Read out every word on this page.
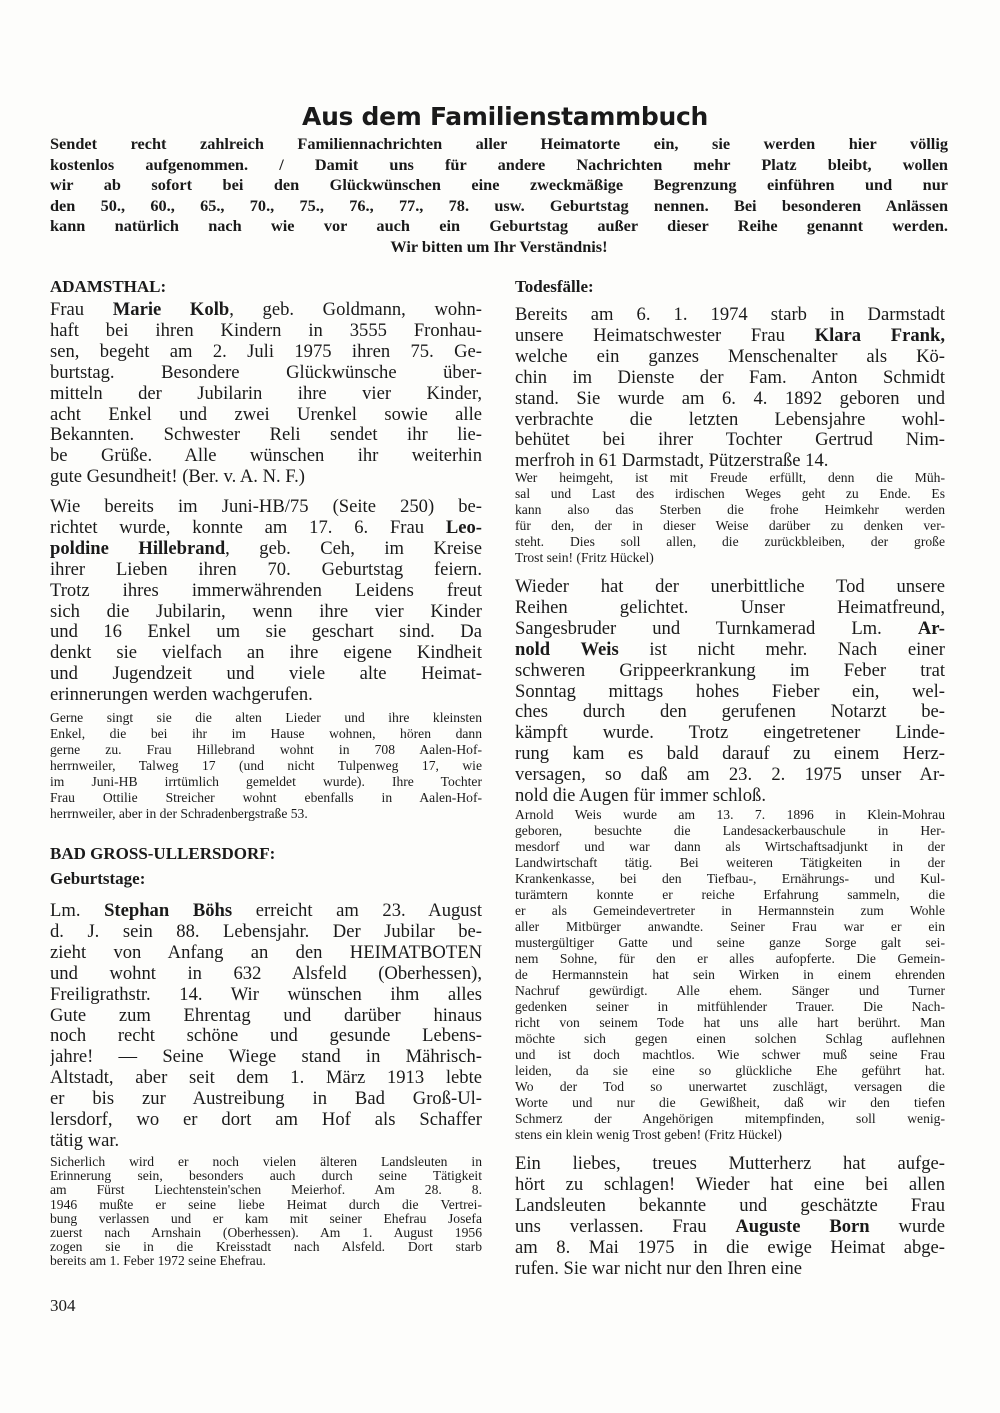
Aus dem Familienstammbuch
Sendet recht zahlreich Familiennachrichten aller Heimatorte ein, sie werden hier völlig
kostenlos aufgenommen. / Damit uns für andere Nachrichten mehr Platz bleibt, wollen
wir ab sofort bei den Glückwünschen eine zweckmäßige Begrenzung einführen und nur
den 50., 60., 65., 70., 75., 76., 77., 78. usw. Geburtstag nennen. Bei besonderen Anlässen
kann natürlich nach wie vor auch ein Geburtstag außer dieser Reihe genannt werden.
Wir bitten um Ihr Verständnis!
ADAMSTHAL:
Frau Marie Kolb, geb. Goldmann, wohn-
haft bei ihren Kindern in 3555 Fronhau-
sen, begeht am 2. Juli 1975 ihren 75. Ge-
burtstag. Besondere Glückwünsche über-
mitteln der Jubilarin ihre vier Kinder,
acht Enkel und zwei Urenkel sowie alle
Bekannten. Schwester Reli sendet ihr lie-
be Grüße. Alle wünschen ihr weiterhin
gute Gesundheit! (Ber. v. A. N. F.)
Wie bereits im Juni-HB/75 (Seite 250) be-
richtet wurde, konnte am 17. 6. Frau Leo-
poldine Hillebrand, geb. Ceh, im Kreise
ihrer Lieben ihren 70. Geburtstag feiern.
Trotz ihres immerwährenden Leidens freut
sich die Jubilarin, wenn ihre vier Kinder
und 16 Enkel um sie geschart sind. Da
denkt sie vielfach an ihre eigene Kindheit
und Jugendzeit und viele alte Heimat-
erinnerungen werden wachgerufen.
Gerne singt sie die alten Lieder und ihre kleinsten
Enkel, die bei ihr im Hause wohnen, hören dann
gerne zu. Frau Hillebrand wohnt in 708 Aalen-Hof-
herrnweiler, Talweg 17 (und nicht Tulpenweg 17, wie
im Juni-HB irrtümlich gemeldet wurde). Ihre Tochter
Frau Ottilie Streicher wohnt ebenfalls in Aalen-Hof-
herrnweiler, aber in der Schradenbergstraße 53.
BAD GROSS-ULLERSDORF:
Geburtstage:
Lm. Stephan Böhs erreicht am 23. August
d. J. sein 88. Lebensjahr. Der Jubilar be-
zieht von Anfang an den HEIMATBOTEN
und wohnt in 632 Alsfeld (Oberhessen),
Freiligrathstr. 14. Wir wünschen ihm alles
Gute zum Ehrentag und darüber hinaus
noch recht schöne und gesunde Lebens-
jahre! — Seine Wiege stand in Mährisch-
Altstadt, aber seit dem 1. März 1913 lebte
er bis zur Austreibung in Bad Groß-Ul-
lersdorf, wo er dort am Hof als Schaffer
tätig war.
Sicherlich wird er noch vielen älteren Landsleuten in
Erinnerung sein, besonders auch durch seine Tätigkeit
am Fürst Liechtenstein'schen Meierhof. Am 28. 8.
1946 mußte er seine liebe Heimat durch die Vertrei-
bung verlassen und er kam mit seiner Ehefrau Josefa
zuerst nach Arnshain (Oberhessen). Am 1. August 1956
zogen sie in die Kreisstadt nach Alsfeld. Dort starb
bereits am 1. Feber 1972 seine Ehefrau.
304
Todesfälle:
Bereits am 6. 1. 1974 starb in Darmstadt
unsere Heimatschwester Frau Klara Frank,
welche ein ganzes Menschenalter als Kö-
chin im Dienste der Fam. Anton Schmidt
stand. Sie wurde am 6. 4. 1892 geboren und
verbrachte die letzten Lebensjahre wohl-
behütet bei ihrer Tochter Gertrud Nim-
merfroh in 61 Darmstadt, Pützerstraße 14.
Wer heimgeht, ist mit Freude erfüllt, denn die Müh-
sal und Last des irdischen Weges geht zu Ende. Es
kann also das Sterben die frohe Heimkehr werden
für den, der in dieser Weise darüber zu denken ver-
steht. Dies soll allen, die zurückbleiben, der große
Trost sein! (Fritz Hückel)
Wieder hat der unerbittliche Tod unsere
Reihen gelichtet. Unser Heimatfreund,
Sangesbruder und Turnkamerad Lm. Ar-
nold Weis ist nicht mehr. Nach einer
schweren Grippeerkrankung im Feber trat
Sonntag mittags hohes Fieber ein, wel-
ches durch den gerufenen Notarzt be-
kämpft wurde. Trotz eingetretener Linde-
rung kam es bald darauf zu einem Herz-
versagen, so daß am 23. 2. 1975 unser Ar-
nold die Augen für immer schloß.
Arnold Weis wurde am 13. 7. 1896 in Klein-Mohrau
geboren, besuchte die Landesackerbauschule in Her-
mesdorf und war dann als Wirtschaftsadjunkt in der
Landwirtschaft tätig. Bei weiteren Tätigkeiten in der
Krankenkasse, bei den Tiefbau-, Ernährungs- und Kul-
turämtern konnte er reiche Erfahrung sammeln, die
er als Gemeindevertreter in Hermannstein zum Wohle
aller Mitbürger anwandte. Seiner Frau war er ein
mustergültiger Gatte und seine ganze Sorge galt sei-
nem Sohne, für den er alles aufopferte. Die Gemein-
de Hermannstein hat sein Wirken in einem ehrenden
Nachruf gewürdigt. Alle ehem. Sänger und Turner
gedenken seiner in mitfühlender Trauer. Die Nach-
richt von seinem Tode hat uns alle hart berührt. Man
möchte sich gegen einen solchen Schlag auflehnen
und ist doch machtlos. Wie schwer muß seine Frau
leiden, da sie eine so glückliche Ehe geführt hat.
Wo der Tod so unerwartet zuschlägt, versagen die
Worte und nur die Gewißheit, daß wir den tiefen
Schmerz der Angehörigen mitempfinden, soll wenig-
stens ein klein wenig Trost geben! (Fritz Hückel)
Ein liebes, treues Mutterherz hat aufge-
hört zu schlagen! Wieder hat eine bei allen
Landsleuten bekannte und geschätzte Frau
uns verlassen. Frau Auguste Born wurde
am 8. Mai 1975 in die ewige Heimat abge-
rufen. Sie war nicht nur den Ihren eine
